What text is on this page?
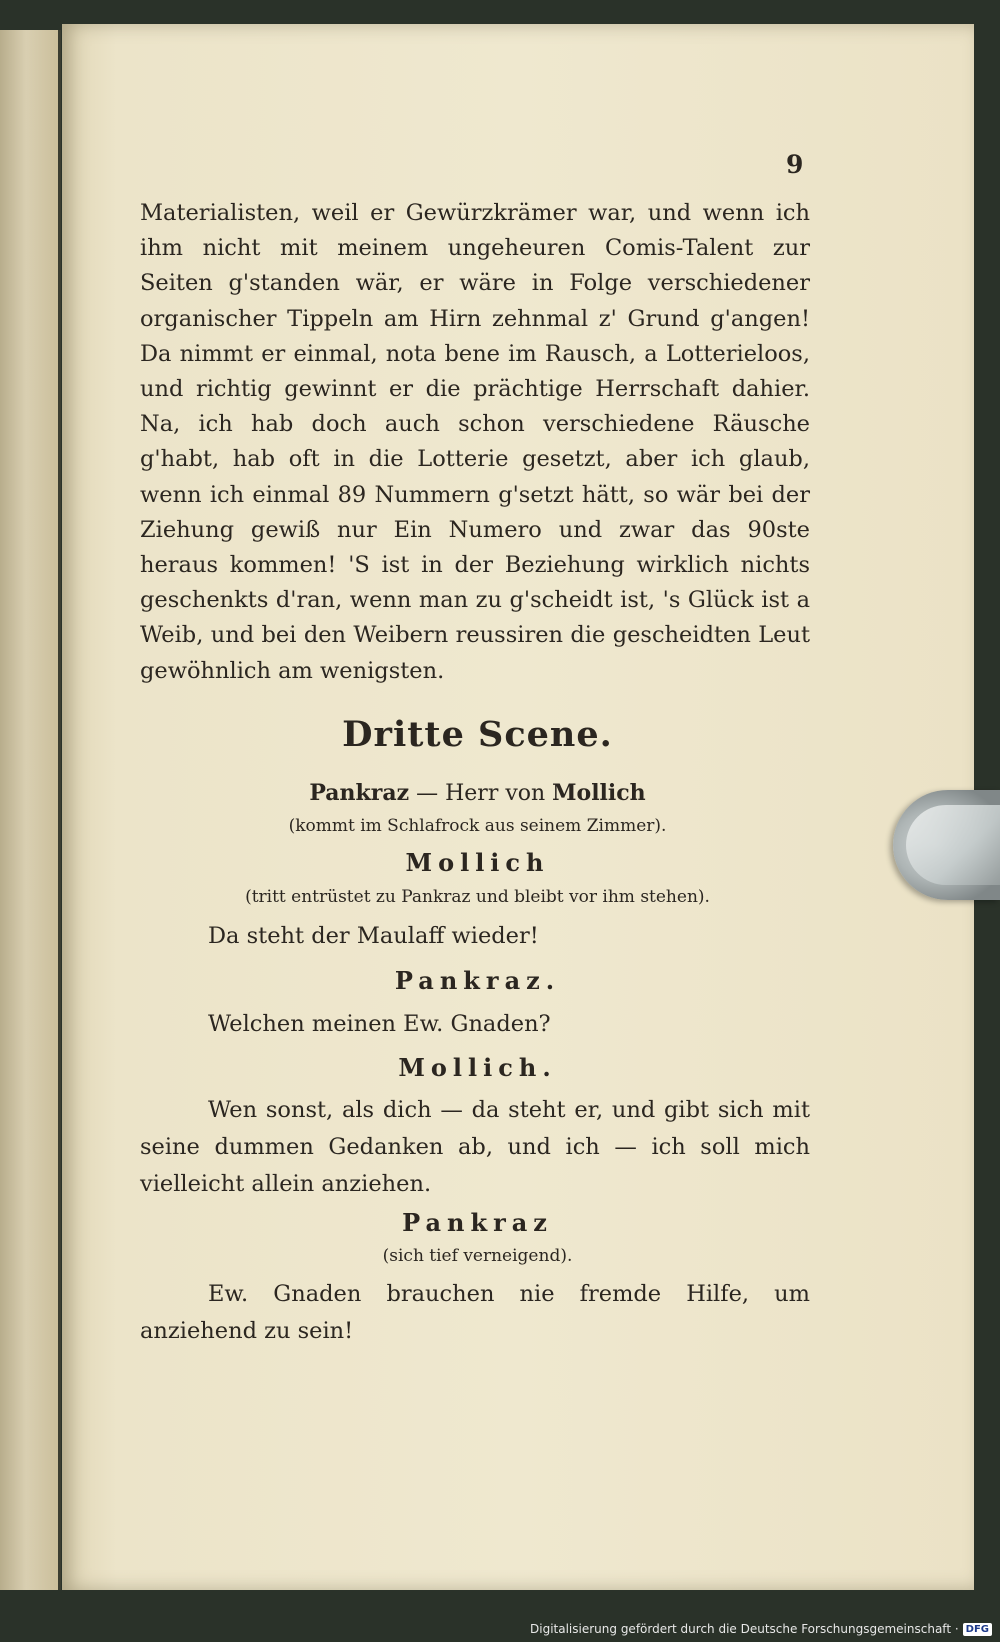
9
Materialisten, weil er Gewürzkrämer war, und wenn ich ihm nicht mit meinem ungeheuren Comis-Talent zur Seiten g'standen wär, er wäre in Folge verschiedener organischer Tippeln am Hirn zehnmal z' Grund g'angen! Da nimmt er einmal, nota bene im Rausch, a Lotterieloos, und richtig gewinnt er die prächtige Herrschaft dahier. Na, ich hab doch auch schon verschiedene Räusche g'habt, hab oft in die Lotterie gesetzt, aber ich glaub, wenn ich einmal 89 Nummern g'setzt hätt, so wär bei der Ziehung gewiß nur Ein Numero und zwar das 90ste heraus kommen! 'S ist in der Beziehung wirklich nichts geschenkts d'ran, wenn man zu g'scheidt ist, 's Glück ist a Weib, und bei den Weibern reussiren die gescheidten Leut gewöhnlich am wenigsten.
Dritte Scene.
Pankraz — Herr von Mollich
(kommt im Schlafrock aus seinem Zimmer).
Mollich
(tritt entrüstet zu Pankraz und bleibt vor ihm stehen).
Da steht der Maulaff wieder!
Pankraz.
Welchen meinen Ew. Gnaden?
Mollich.
Wen sonst, als dich — da steht er, und gibt sich mit seine dummen Gedanken ab, und ich — ich soll mich vielleicht allein anziehen.
Pankraz
(sich tief verneigend).
Ew. Gnaden brauchen nie fremde Hilfe, um anziehend zu sein!
Digitalisierung gefördert durch die Deutsche Forschungsgemeinschaft · DFG
